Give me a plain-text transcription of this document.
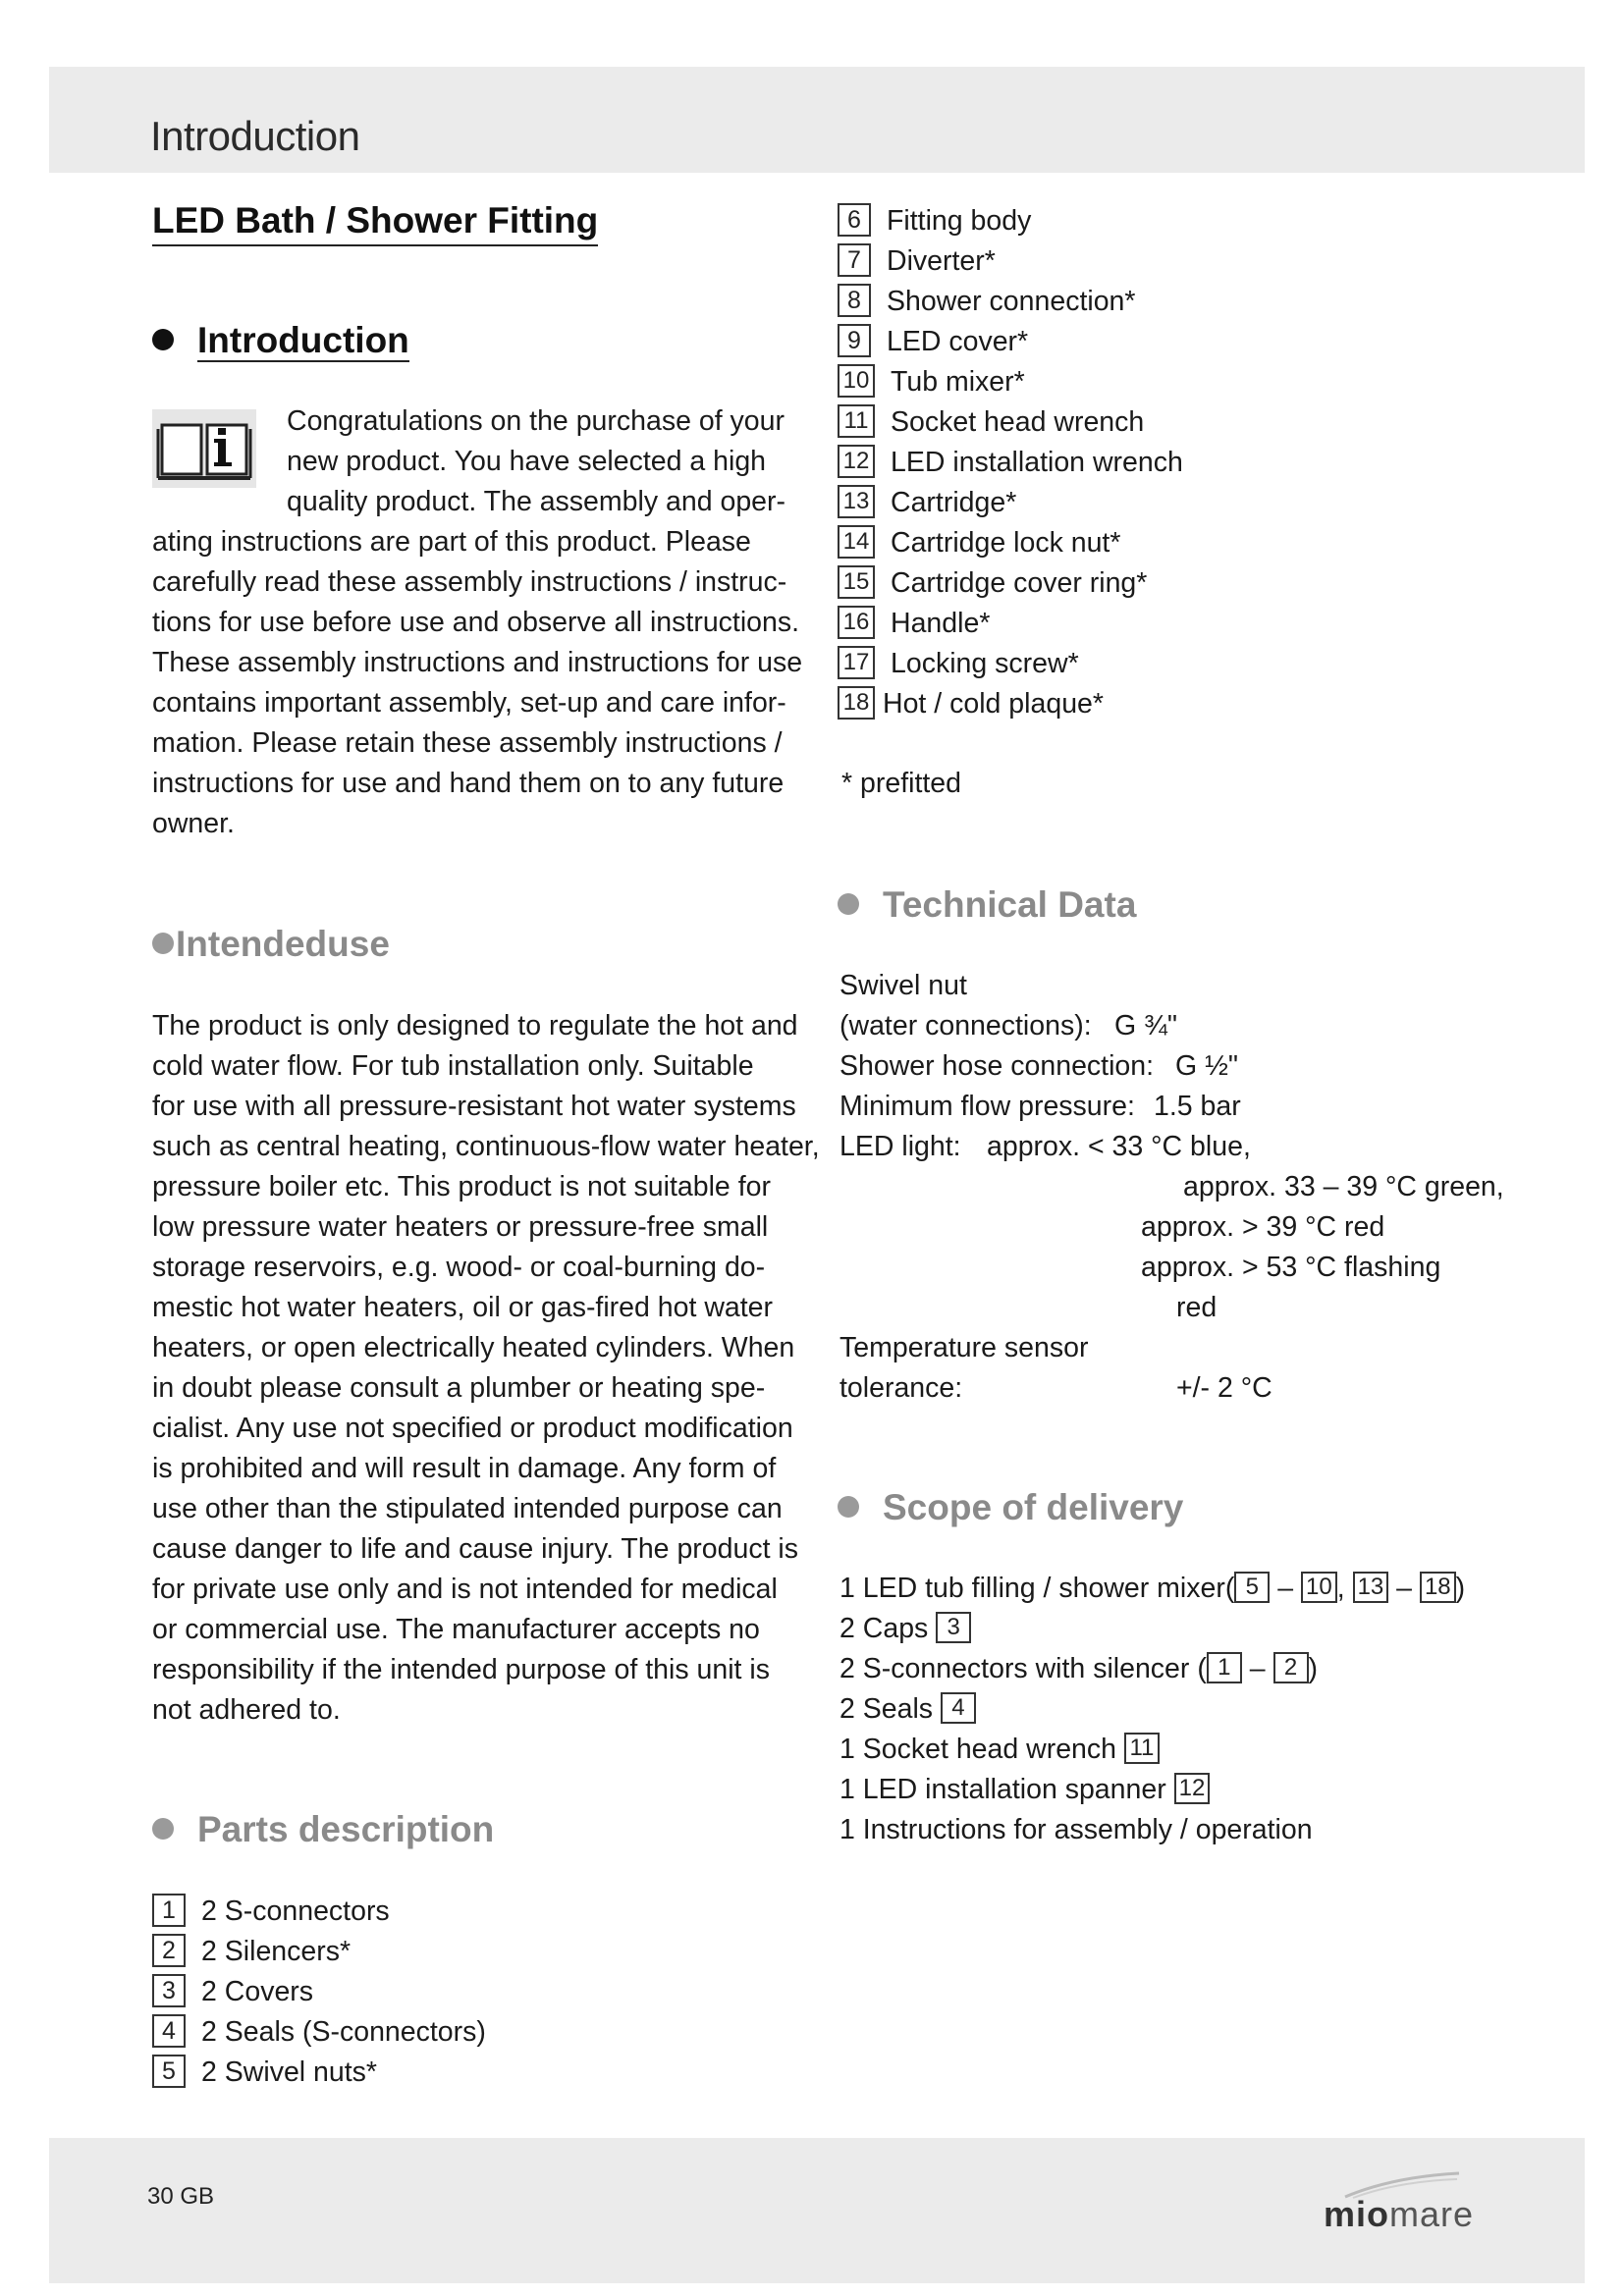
Introduction
LED Bath / Shower Fitting
Introduction

Congratulations on the purchase of your

new product. You have selected a high

quality product. The assembly and oper-

ating instructions are part of this product. Please

carefully read these assembly instructions / instruc-

tions for use before use and observe all instructions.

These assembly instructions and instructions for use

contains important assembly, set-up and care infor-

mation. Please retain these assembly instructions /

instructions for use and hand them on to any future

owner.

Intendeduse

The product is only designed to regulate the hot and

cold water flow. For tub installation only. Suitable

for use with all pressure-resistant hot water systems

such as central heating, continuous-flow water heater,

pressure boiler etc. This product is not suitable for

low pressure water heaters or pressure-free small

storage reservoirs, e.g. wood- or coal-burning do-

mestic hot water heaters, oil or gas-fired hot water

heaters, or open electrically heated cylinders. When

in doubt please consult a plumber or heating spe-

cialist. Any use not specified or product modification

is prohibited and will result in damage. Any form of

use other than the stipulated intended purpose can

cause danger to life and cause injury. The product is

for private use only and is not intended for medical

or commercial use. The manufacturer accepts no

responsibility if the intended purpose of this unit is

not adhered to.

Parts description
1 2 S-connectors
2 2 Silencers*
3 2 Covers
4 2 Seals (S-connectors)
5 2 Swivel nuts*
6 Fitting body
7 Diverter*
8 Shower connection*
9 LED cover*
10 Tub mixer*
11 Socket head wrench
12 LED installation wrench
13 Cartridge*
14 Cartridge lock nut*
15 Cartridge cover ring*
16 Handle*
17 Locking screw*
18 Hot / cold plaque*
* prefitted
Technical Data
Swivel nut
(water connections): G ¾"
Shower hose connection: G ½"
Minimum flow pressure: 1.5 bar
LED light: approx. < 33 °C blue,
approx. 33 – 39 °C green,
approx. > 39 °C red
approx. > 53 °C flashing
red
Temperature sensor
tolerance:	+/- 2 °C
Scope of delivery

1 LED tub filling / shower mixer( 5 – 10 , 13 – 18 )

2 Caps 3

2 S-connectors with silencer ( 1 – 2 )

2 Seals 4

1 Socket head wrench 11

1 LED installation spanner 12

1 Instructions for assembly / operation

30 GB	miomare
